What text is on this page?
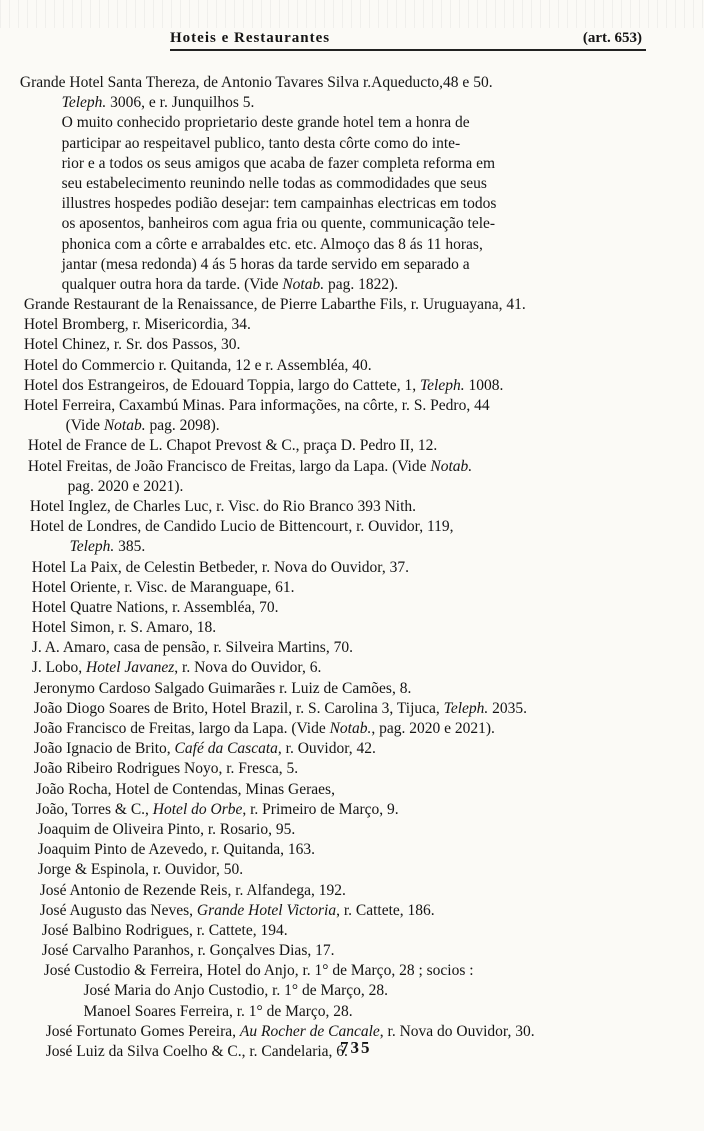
Hoteis e Restaurantes	(art. 653)
Grande Hotel Santa Thereza, de Antonio Tavares Silva r.Aqueducto,48 e 50.
Teleph. 3006, e r. Junquilhos 5.
O muito conhecido proprietario deste grande hotel tem a honra de
participar ao respeitavel publico, tanto desta côrte como do inte-
rior e a todos os seus amigos que acaba de fazer completa reforma em
seu estabelecimento reunindo nelle todas as commodidades que seus
illustres hospedes podião desejar: tem campainhas electricas em todos
os aposentos, banheiros com agua fria ou quente, communicação tele-
phonica com a côrte e arrabaldes etc. etc. Almoço das 8 ás 11 horas,
jantar (mesa redonda) 4 ás 5 horas da tarde servido em separado a
qualquer outra hora da tarde. (Vide Notab. pag. 1822).
Grande Restaurant de la Renaissance, de Pierre Labarthe Fils, r. Uruguayana, 41.
Hotel Bromberg, r. Misericordia, 34.
Hotel Chinez, r. Sr. dos Passos, 30.
Hotel do Commercio r. Quitanda, 12 e r. Assembléa, 40.
Hotel dos Estrangeiros, de Edouard Toppia, largo do Cattete, 1, Teleph. 1008.
Hotel Ferreira, Caxambú Minas. Para informações, na côrte, r. S. Pedro, 44
(Vide Notab. pag. 2098).
Hotel de France de L. Chapot Prevost & C., praça D. Pedro II, 12.
Hotel Freitas, de João Francisco de Freitas, largo da Lapa. (Vide Notab.
pag. 2020 e 2021).
Hotel Inglez, de Charles Luc, r. Visc. do Rio Branco 393 Nith.
Hotel de Londres, de Candido Lucio de Bittencourt, r. Ouvidor, 119,
Teleph. 385.
Hotel La Paix, de Celestin Betbeder, r. Nova do Ouvidor, 37.
Hotel Oriente, r. Visc. de Maranguape, 61.
Hotel Quatre Nations, r. Assembléa, 70.
Hotel Simon, r. S. Amaro, 18.
J. A. Amaro, casa de pensão, r. Silveira Martins, 70.
J. Lobo, Hotel Javanez, r. Nova do Ouvidor, 6.
Jeronymo Cardoso Salgado Guimarães r. Luiz de Camões, 8.
João Diogo Soares de Brito, Hotel Brazil, r. S. Carolina 3, Tijuca, Teleph. 2035.
João Francisco de Freitas, largo da Lapa. (Vide Notab., pag. 2020 e 2021).
João Ignacio de Brito, Café da Cascata, r. Ouvidor, 42.
João Ribeiro Rodrigues Noyo, r. Fresca, 5.
João Rocha, Hotel de Contendas, Minas Geraes,
João, Torres & C., Hotel do Orbe, r. Primeiro de Março, 9.
Joaquim de Oliveira Pinto, r. Rosario, 95.
Joaquim Pinto de Azevedo, r. Quitanda, 163.
Jorge & Espinola, r. Ouvidor, 50.
José Antonio de Rezende Reis, r. Alfandega, 192.
José Augusto das Neves, Grande Hotel Victoria, r. Cattete, 186.
José Balbino Rodrigues, r. Cattete, 194.
José Carvalho Paranhos, r. Gonçalves Dias, 17.
José Custodio & Ferreira, Hotel do Anjo, r. 1° de Março, 28 ; socios :
José Maria do Anjo Custodio, r. 1° de Março, 28.
Manoel Soares Ferreira, r. 1° de Março, 28.
José Fortunato Gomes Pereira, Au Rocher de Cancale, r. Nova do Ouvidor, 30.
José Luiz da Silva Coelho & C., r. Candelaria, 6.
735
